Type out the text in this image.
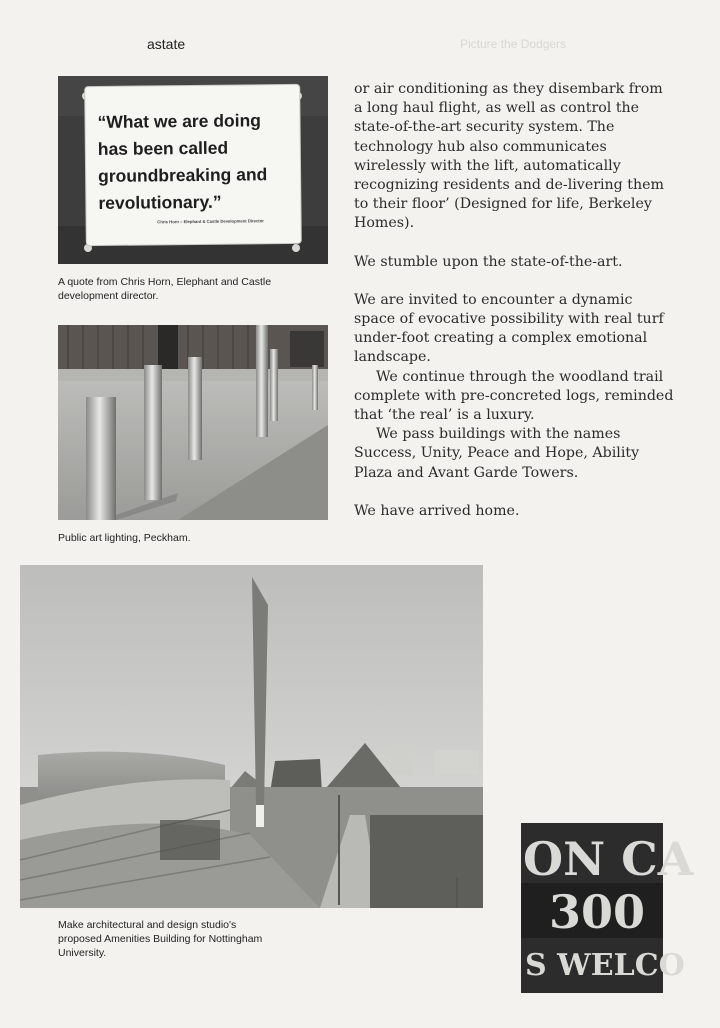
astate	Picture the Dodgers
“What we are doing has been called groundbreaking and revolutionary.”
Chris Horn – Elephant & Castle Development Director
A quote from Chris Horn, Elephant and Castle development director.
Public art lighting, Peckham.

or air conditioning as they disembark from a long haul flight, as well as control the state-of-the-art security system. The technology hub also communicates wirelessly with the lift, automatically recognizing residents and de-livering them to their floor’ (Designed for life, Berkeley Homes).

We stumble upon the state-of-the-art.

We are invited to encounter a dynamic space of evocative possibility with real turf under-foot creating a complex emotional landscape.

We continue through the woodland trail complete with pre-concreted logs, reminded that ‘the real’ is a luxury.

We pass buildings with the names Success, Unity, Peace and Hope, Ability Plaza and Avant Garde Towers.

We have arrived home.

Make architectural and design studio's proposed Amenities Building for Nottingham University.
ON CA
300
S WELCO
